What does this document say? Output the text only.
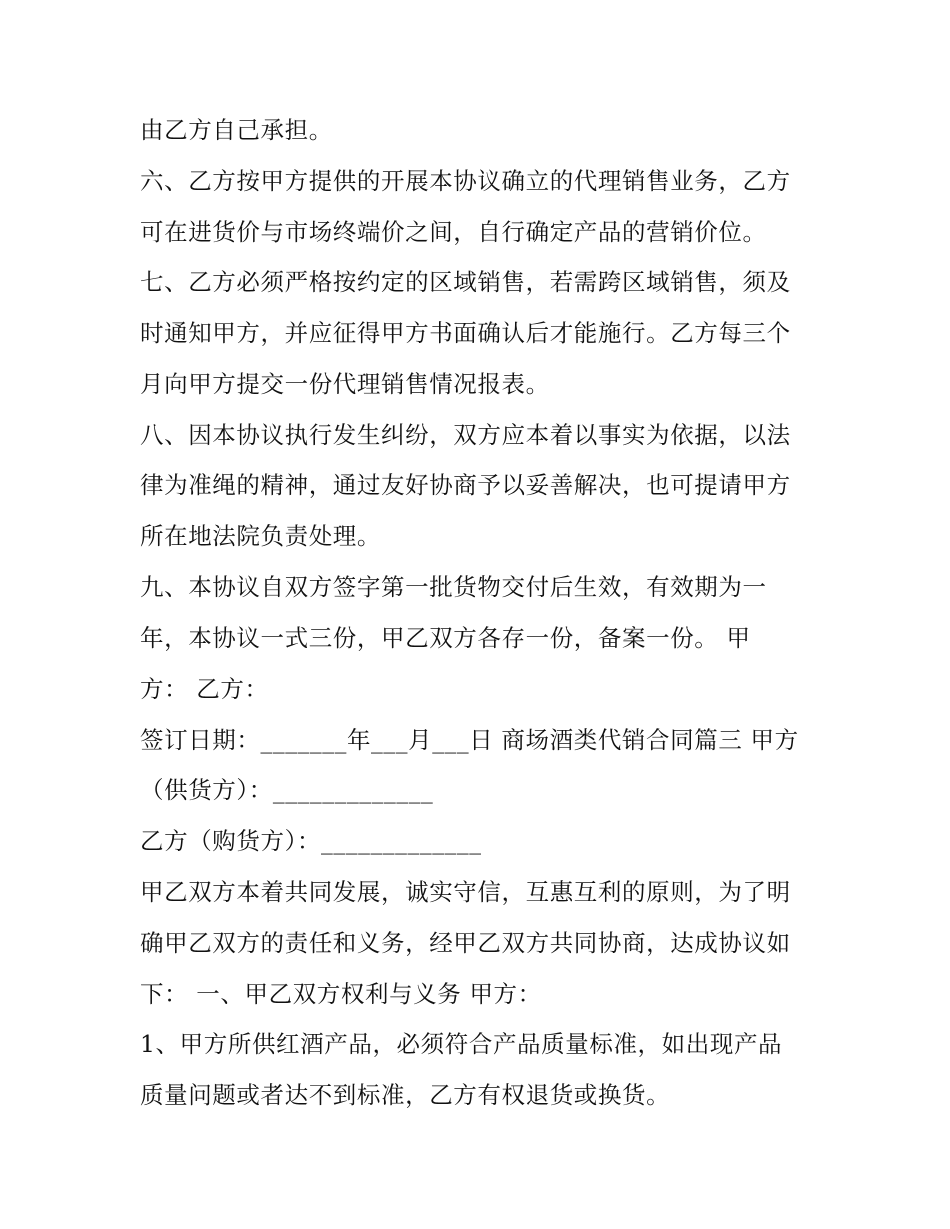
由乙方自己承担。
六、乙方按甲方提供的开展本协议确立的代理销售业务，乙方
可在进货价与市场终端价之间，自行确定产品的营销价位。
七、乙方必须严格按约定的区域销售，若需跨区域销售，须及
时通知甲方，并应征得甲方书面确认后才能施行。乙方每三个
月向甲方提交一份代理销售情况报表。
八、因本协议执行发生纠纷，双方应本着以事实为依据，以法
律为准绳的精神，通过友好协商予以妥善解决，也可提请甲方
所在地法院负责处理。
九、本协议自双方签字第一批货物交付后生效，有效期为一
年，本协议一式三份，甲乙双方各存一份，备案一份。 甲
方： 乙方：
签订日期：_______年___月___日 商场酒类代销合同篇三 甲方
（供货方）：_____________
乙方（购货方）：_____________
甲乙双方本着共同发展，诚实守信，互惠互利的原则，为了明
确甲乙双方的责任和义务，经甲乙双方共同协商，达成协议如
下： 一、甲乙双方权利与义务 甲方：
1、甲方所供红酒产品，必须符合产品质量标准，如出现产品
质量问题或者达不到标准，乙方有权退货或换货。
